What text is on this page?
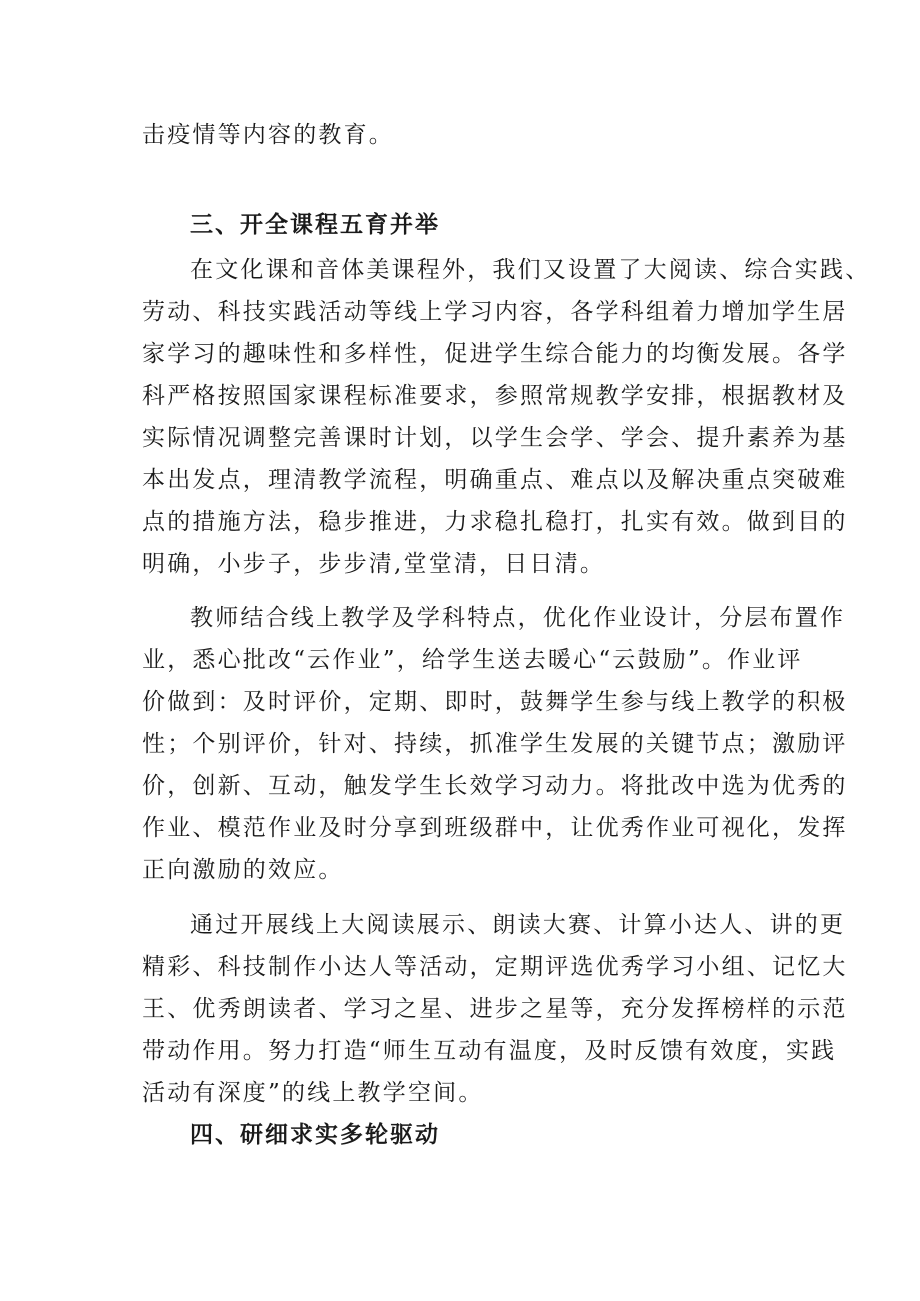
击疫情等内容的教育。
三、开全课程五育并举
在文化课和音体美课程外，我们又设置了大阅读、综合实践、
劳动、科技实践活动等线上学习内容，各学科组着力增加学生居
家学习的趣味性和多样性，促进学生综合能力的均衡发展。各学
科严格按照国家课程标准要求，参照常规教学安排，根据教材及
实际情况调整完善课时计划，以学生会学、学会、提升素养为基
本出发点，理清教学流程，明确重点、难点以及解决重点突破难
点的措施方法，稳步推进，力求稳扎稳打，扎实有效。做到目的
明确，小步子，步步清,堂堂清，日日清。
教师结合线上教学及学科特点，优化作业设计，分层布置作
业，悉心批改“云作业”，给学生送去暖心“云鼓励”。作业评
价做到：及时评价，定期、即时，鼓舞学生参与线上教学的积极
性；个别评价，针对、持续，抓准学生发展的关键节点；激励评
价，创新、互动，触发学生长效学习动力。将批改中选为优秀的
作业、模范作业及时分享到班级群中，让优秀作业可视化，发挥
正向激励的效应。
通过开展线上大阅读展示、朗读大赛、计算小达人、讲的更
精彩、科技制作小达人等活动，定期评选优秀学习小组、记忆大
王、优秀朗读者、学习之星、进步之星等，充分发挥榜样的示范
带动作用。努力打造“师生互动有温度，及时反馈有效度，实践
活动有深度”的线上教学空间。
四、研细求实多轮驱动
